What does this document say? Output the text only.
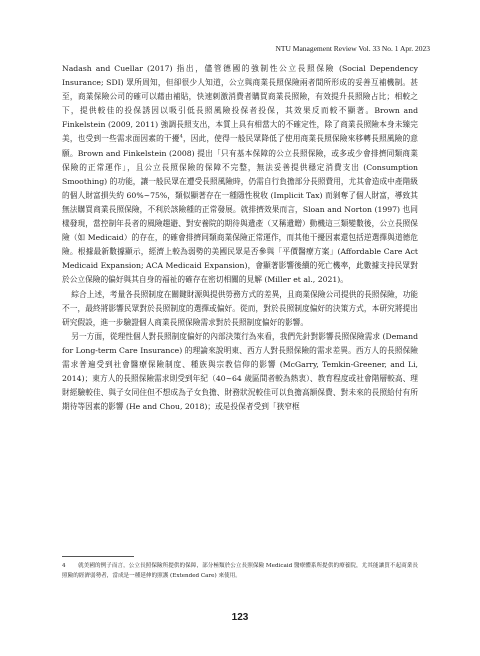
NTU Management Review Vol. 33 No. 1 Apr. 2023

Nadash and Cuellar (2017) 指出，儘管德國的強制性公立長照保險 (Social Dependency Insurance; SDI) 眾所周知，但卻很少人知道，公立與商業長照保險兩者間所形成的妥善互補機制。甚至，商業保險公司的確可以藉由補貼，快速刺激消費者購買商業長照險，有效提升長照險占比；相較之下，提供較佳的投保誘因以吸引低長照風險投保者投保，其效果反而較不顯著。Brown and Finkelstein (2009, 2011) 強調長照支出，本質上具有相當大的不確定性，除了商業長照險本身未臻完美，也受到一些需求面因素的干擾$^4$，因此，使得一般民眾降低了使用商業長照保險來移轉長照風險的意願。Brown and Finkelstein (2008) 提出「只有基本保障的公立長照保險，或多或少會排擠同類商業保險的正常運作」，且公立長照保險的保障不完整，無法妥善提供穩定消費支出 (Consumption Smoothing) 的功能，讓一般民眾在遭受長照風險時，仍需自行負擔部分長照費用，尤其會造成中產階級的個人財富損失約 60%~75%，類似顯著存在一種隱性稅收 (Implicit Tax) 而剝奪了個人財富，導致其無法購買商業長照保險，不利於該險種的正常發展。就排擠效果而言，Sloan and Norton (1997) 也同樣發現，當控制年長者的風險趨避、對安養院的期待與遺產（又稱遺贈）動機這三類變數後，公立長照保險（如 Medicaid）的存在，的確會排擠同類商業保險正常運作，而其他干擾因素還包括逆選擇與道德危險。根據最新數據顯示，經濟上較為弱勢的美國民眾是否參與「平價醫療方案」(Affordable Care Act Medicaid Expansion; ACA Medicaid Expansion)，會顯著影響後續的死亡機率，此數據支持民眾對於公立保險的偏好與其自身的福祉的確存在密切相關的見解 (Miller et al., 2021)。

綜合上述，考量各長照制度在關鍵財源與提供勞務方式的差異，且商業保險公司提供的長照保險，功能不一，最終將影響民眾對於長照制度的選擇或偏好。從而，對於長照制度偏好的決策方式，本研究將提出研究假設，進一步驗證個人商業長照保險需求對於長照制度偏好的影響。

另一方面，從理性個人對長照制度偏好的內部決策行為來看，我們先針對影響長照保險需求 (Demand for Long-term Care Insurance) 的理論來說明東、西方人對長照保險的需求差異。西方人的長照保險需求普遍受到社會醫療保險制度、種族與宗教信仰的影響 (McGarry, Temkin-Greener, and Li, 2014)；東方人的長照保險需求則受到年紀（40~64 歲區間者較為熱衷）、教育程度或社會階層較高、理財經驗較佳、與子女同住但不想成為子女負擔、財務狀況較佳可以負擔高額保費、對未來的長照給付有所期待等因素的影響 (He and Chou, 2018)；或是投保者受到「狹窄框

4 就美國的例子而言，公立長照保險所提供的保障，部分極類於公立長照保險 Medicaid 醫療體系所提供的療養院，尤其能讓買不起商業長照險的經濟弱勢者，當成是一種延伸的照護 (Extended Care) 來使用。
123
